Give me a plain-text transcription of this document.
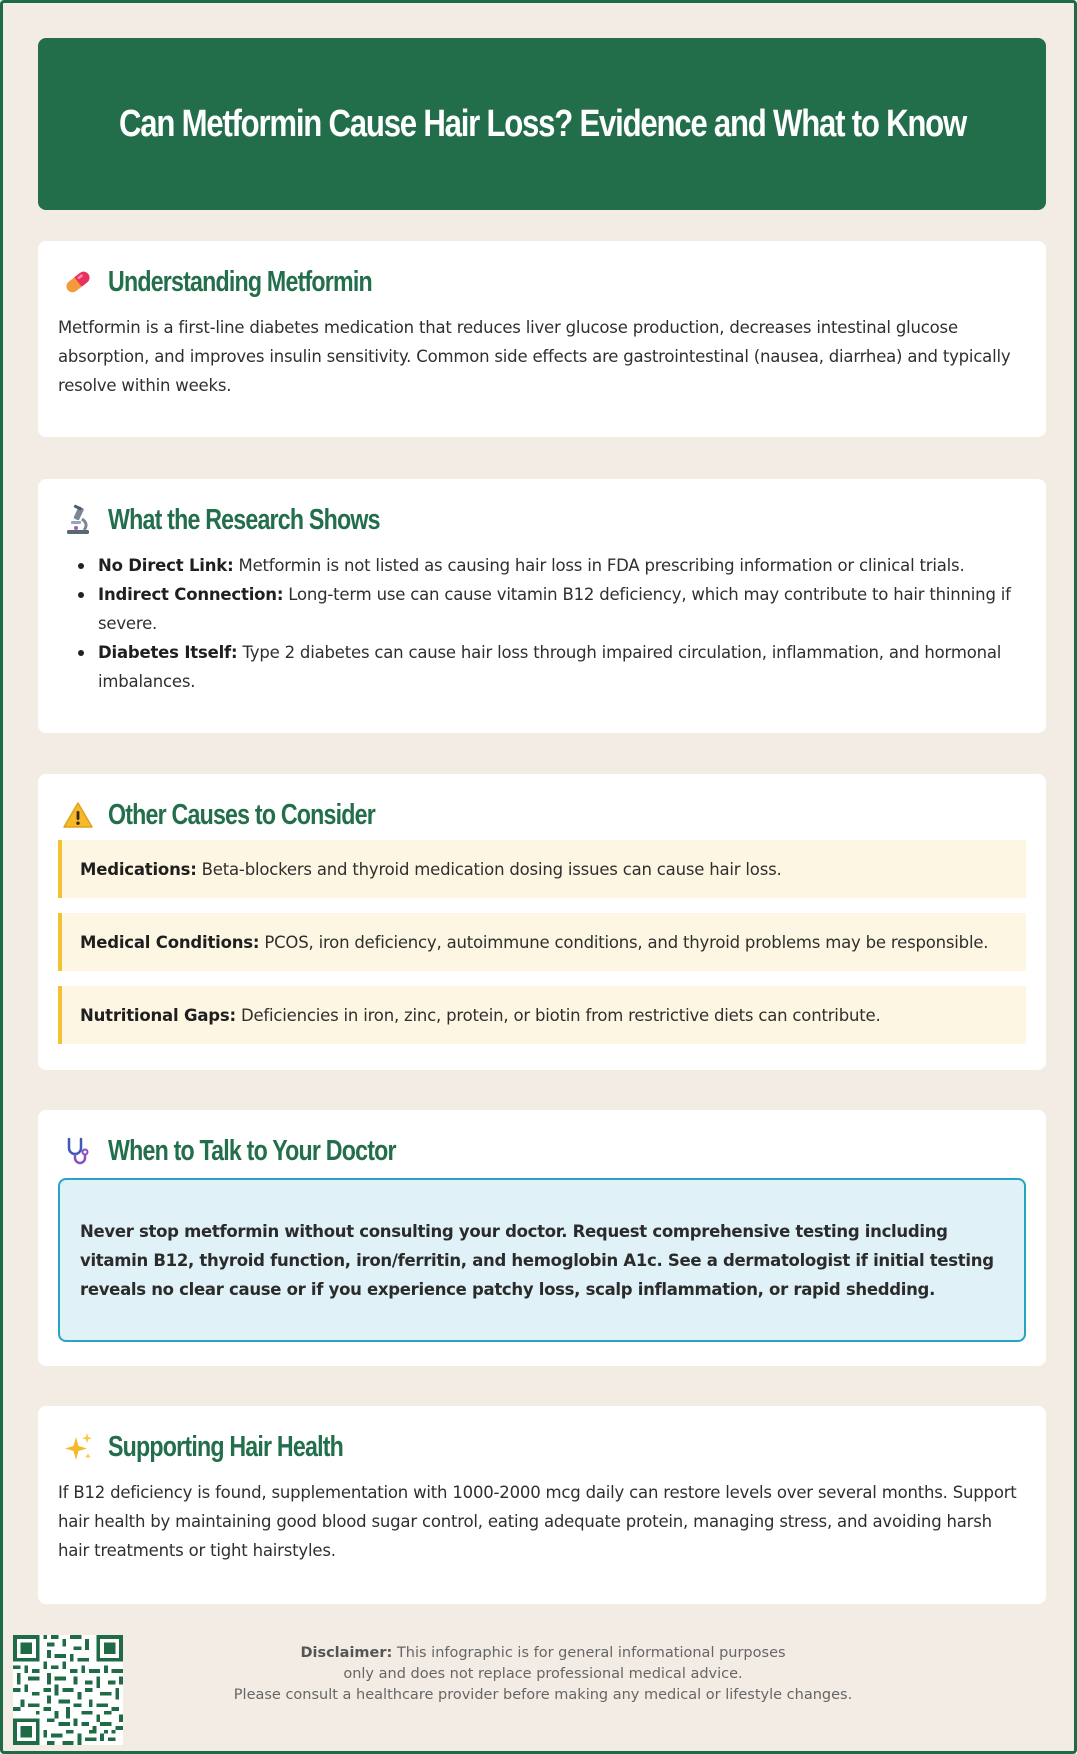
Can Metformin Cause Hair Loss? Evidence and What to Know
Understanding Metformin

Metformin is a first-line diabetes medication that reduces liver glucose production, decreases intestinal glucose absorption, and improves insulin sensitivity. Common side effects are gastrointestinal (nausea, diarrhea) and typically resolve within weeks.

What the Research Shows
No Direct Link: Metformin is not listed as causing hair loss in FDA prescribing information or clinical trials.
Indirect Connection: Long-term use can cause vitamin B12 deficiency, which may contribute to hair thinning if severe.
Diabetes Itself: Type 2 diabetes can cause hair loss through impaired circulation, inflammation, and hormonal imbalances.
Other Causes to Consider
Medications: Beta-blockers and thyroid medication dosing issues can cause hair loss.
Medical Conditions: PCOS, iron deficiency, autoimmune conditions, and thyroid problems may be responsible.
Nutritional Gaps: Deficiencies in iron, zinc, protein, or biotin from restrictive diets can contribute.
When to Talk to Your Doctor

Never stop metformin without consulting your doctor. Request comprehensive testing including vitamin B12, thyroid function, iron/ferritin, and hemoglobin A1c. See a dermatologist if initial testing reveals no clear cause or if you experience patchy loss, scalp inflammation, or rapid shedding.

Supporting Hair Health

If B12 deficiency is found, supplementation with 1000-2000 mcg daily can restore levels over several months. Support hair health by maintaining good blood sugar control, eating adequate protein, managing stress, and avoiding harsh hair treatments or tight hairstyles.

Disclaimer: This infographic is for general informational purposes
only and does not replace professional medical advice.
Please consult a healthcare provider before making any medical or lifestyle changes.
